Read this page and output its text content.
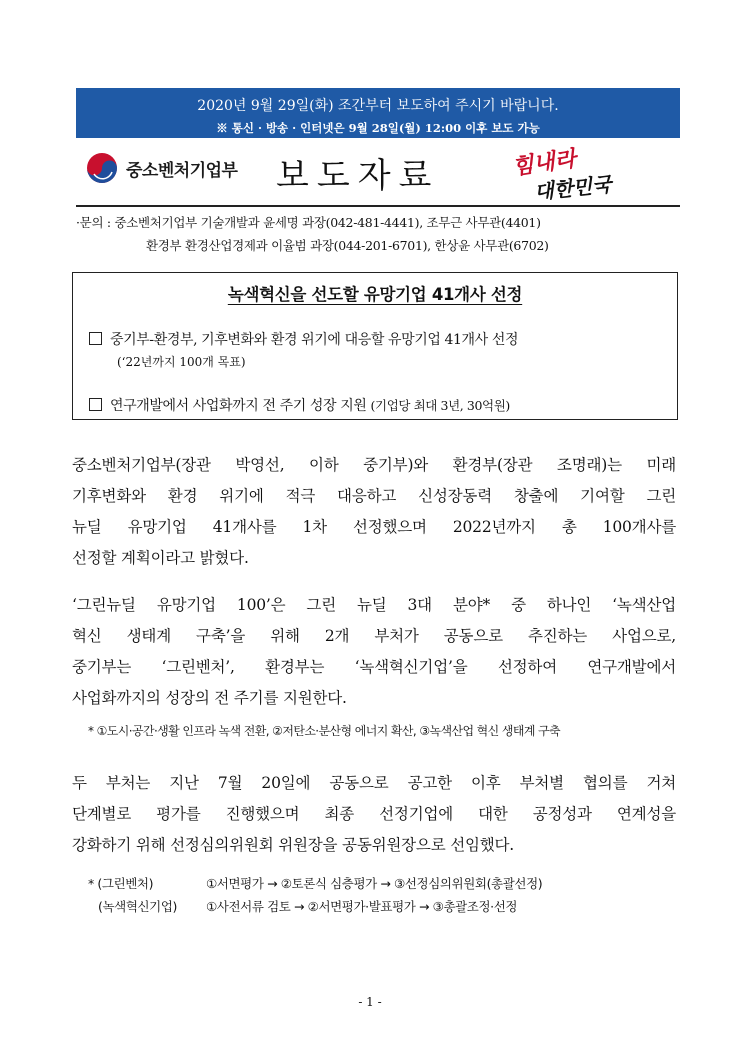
2020년 9월 29일(화) 조간부터 보도하여 주시기 바랍니다.
※ 통신 · 방송 · 인터넷은 9월 28일(월) 12:00 이후 보도 가능
중소벤처기업부 보도자료	힘내라
대한민국
·문의 : 중소벤처기업부 기술개발과 윤세명 과장(042-481-4441), 조무근 사무관(4401)
환경부 환경산업경제과 이율범 과장(044-201-6701), 한상윤 사무관(6702)
녹색혁신을 선도할 유망기업 41개사 선정
중기부-환경부, 기후변화와 환경 위기에 대응할 유망기업 41개사 선정
(‘22년까지 100개 목표)
연구개발에서 사업화까지 전 주기 성장 지원 (기업당 최대 3년, 30억원)
중소벤처기업부(장관 박영선, 이하 중기부)와 환경부(장관 조명래)는 미래
기후변화와 환경 위기에 적극 대응하고 신성장동력 창출에 기여할 그린
뉴딜 유망기업 41개사를 1차 선정했으며 2022년까지 총 100개사를
선정할 계획이라고 밝혔다.
‘그린뉴딜 유망기업 100’은 그린 뉴딜 3대 분야* 중 하나인 ‘녹색산업
혁신 생태계 구축’을 위해 2개 부처가 공동으로 추진하는 사업으로,
중기부는 ‘그린벤처’, 환경부는 ‘녹색혁신기업’을 선정하여 연구개발에서
사업화까지의 성장의 전 주기를 지원한다.
* ①도시·공간·생활 인프라 녹색 전환, ②저탄소·분산형 에너지 확산, ③녹색산업 혁신 생태계 구축
두 부처는 지난 7월 20일에 공동으로 공고한 이후 부처별 협의를 거쳐
단계별로 평가를 진행했으며 최종 선정기업에 대한 공정성과 연계성을
강화하기 위해 선정심의위원회 위원장을 공동위원장으로 선임했다.
* (그린벤처)	①서면평가 → ②토론식 심층평가 → ③선정심의위원회(총괄선정)
(녹색혁신기업) ①사전서류 검토 → ②서면평가·발표평가 → ③총괄조정·선정
- 1 -
